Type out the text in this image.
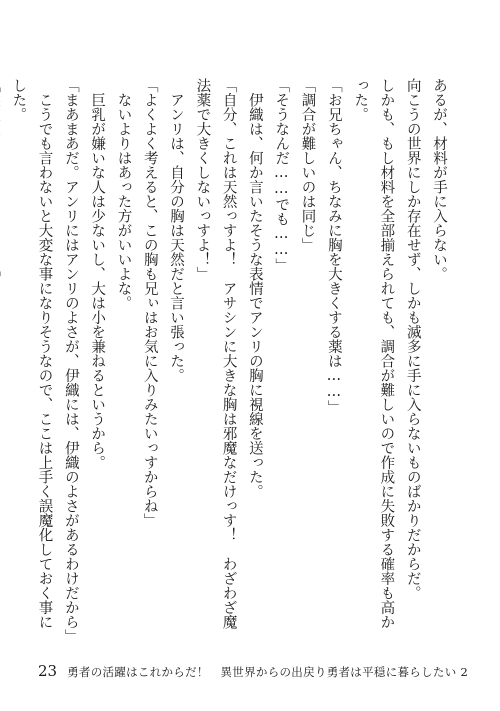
あるが、材料が手に入らない。

向こうの世界にしか存在せず、しかも滅多に手に入らないものばかりだからだ。

しかも、もし材料を全部揃えられても、調合が難しいので作成に失敗する確率も高かった。

「お兄ちゃん、ちなみに胸を大きくする薬は……」

「調合が難しいのは同じ」

「そうなんだ……でも……」

　伊織は、何か言いたそうな表情でアンリの胸に視線を送った。

「自分、これは天然っすよ！　アサシンに大きな胸は邪魔なだけっす！　わざわざ魔法薬で大きくしないっすよ！」

　アンリは、自分の胸は天然だと言い張った。

「よくよく考えると、この胸も兄ぃはお気に入りみたいっすからね」

　ないよりはあった方がいいよな。

　巨乳が嫌いな人は少ないし、大は小を兼ねるというから。

「まあまあだ。アンリにはアンリのよさが、伊織には、伊織のよさがあるわけだから」

　こうでも言わないと大変な事になりそうなので、ここは上手く誤魔化しておく事にした。

23 勇者の活躍はこれからだ！　異世界からの出戻り勇者は平穏に暮らしたい 2
